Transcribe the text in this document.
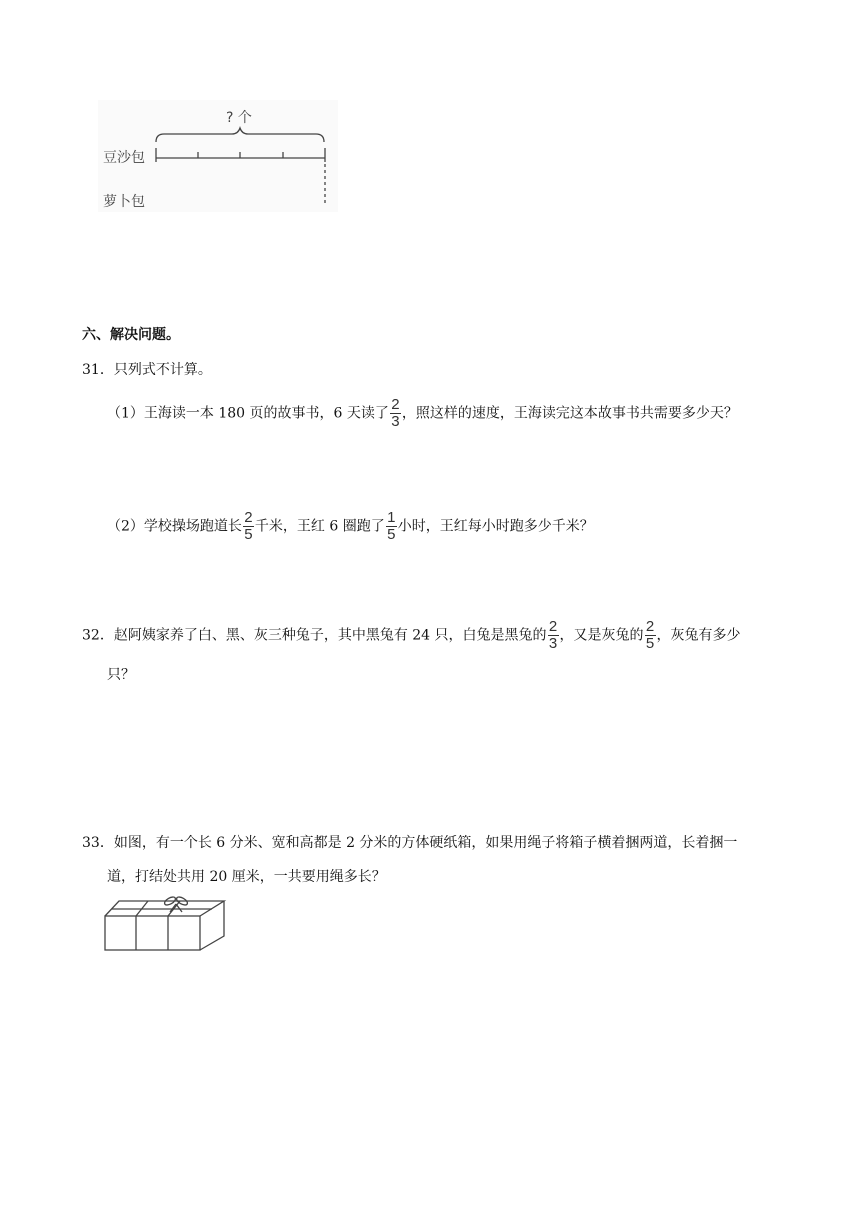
? 个
豆沙包
萝卜包
六、解决问题。
31．只列式不计算。
（1）王海读一本 180 页的故事书，6 天读了 $\frac{2}{3}$ ，照这样的速度，王海读完这本故事书共需要多少天？
（2）学校操场跑道长 $\frac{2}{5}$ 千米，王红 6 圈跑了 $\frac{1}{5}$ 小时，王红每小时跑多少千米？
32．赵阿姨家养了白、黑、灰三种兔子，其中黑兔有 24 只，白兔是黑兔的 $\frac{2}{3}$ ，又是灰兔的 $\frac{2}{5}$ ，灰兔有多少
只？
33．如图，有一个长 6 分米、宽和高都是 2 分米的方体硬纸箱，如果用绳子将箱子横着捆两道，长着捆一
道，打结处共用 20 厘米，一共要用绳多长？
